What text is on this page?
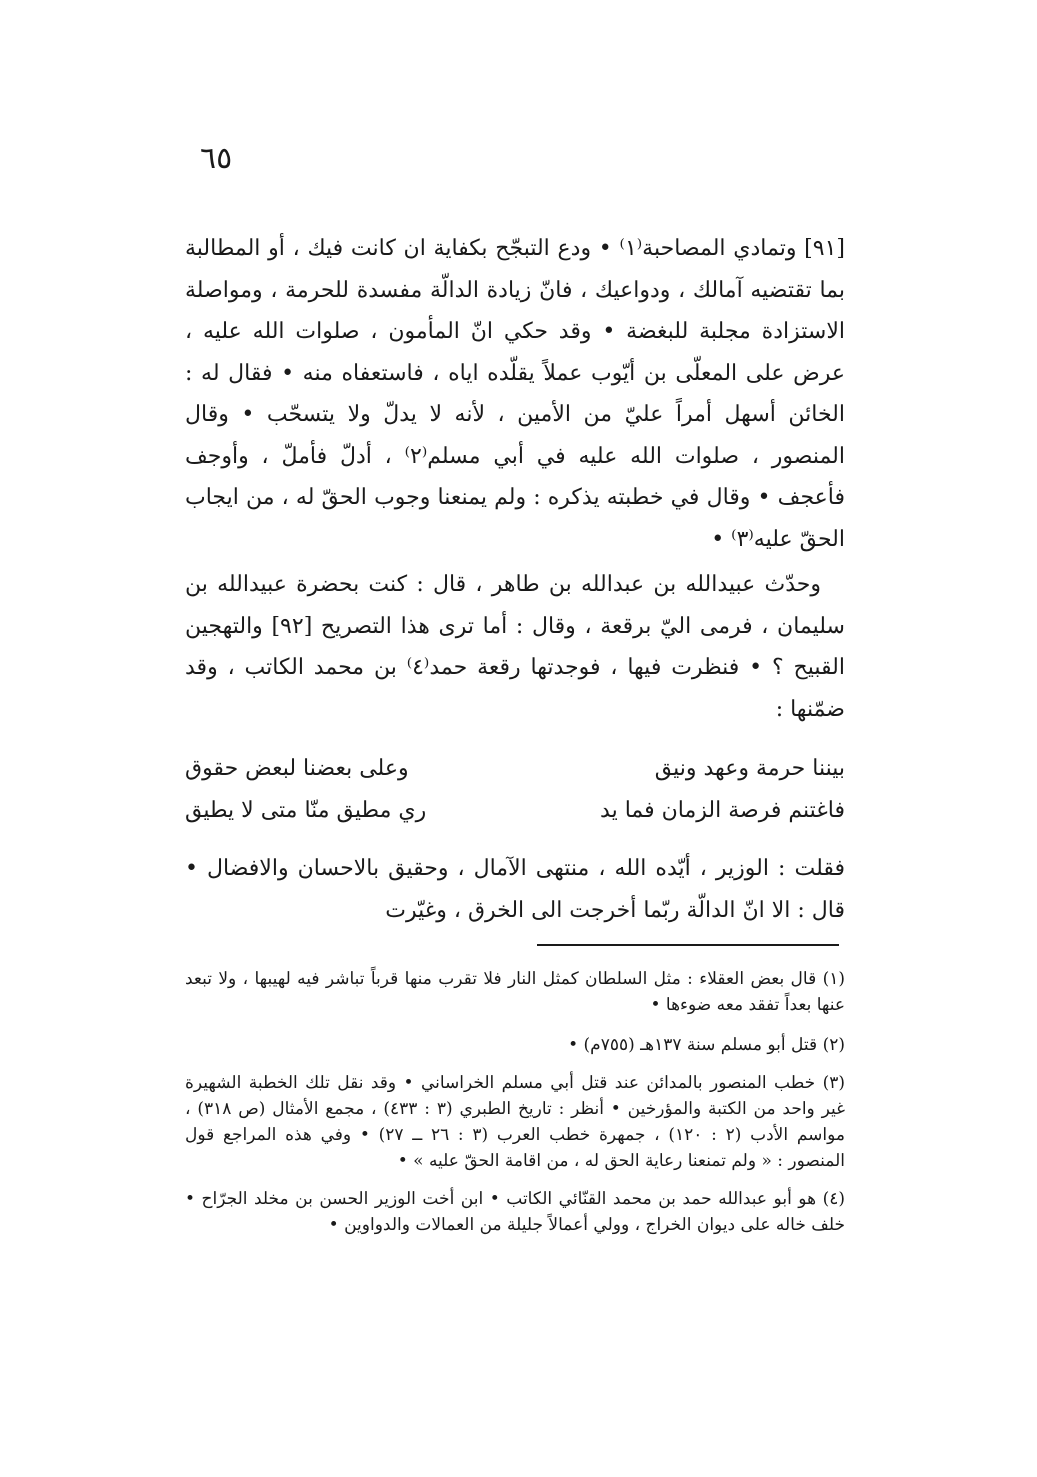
٦٥

[٩١] وتمادي المصاحبة⁽١⁾ • ودع التبجّح بكفاية ان كانت فيك ، أو المطالبة بما تقتضيه آمالك ، ودواعيك ، فانّ زيادة الدالّة مفسدة للحرمة ، ومواصلة الاستزادة مجلبة للبغضة • وقد حكي انّ المأمون ، صلوات الله عليه ، عرض على المعلّى بن أيّوب عملاً يقلّده اياه ، فاستعفاه منه • فقال له : الخائن أسهل أمراً عليّ من الأمين ، لأنه لا يدلّ ولا يتسحّب • وقال المنصور ، صلوات الله عليه في أبي مسلم⁽٢⁾ ، أدلّ فأملّ ، وأوجف فأعجف • وقال في خطبته يذكره : ولم يمنعنا وجوب الحقّ له ، من ايجاب الحقّ عليه⁽٣⁾ •

وحدّث عبيدالله بن عبدالله بن طاهر ، قال : كنت بحضرة عبيدالله بن سليمان ، فرمى اليّ برقعة ، وقال : أما ترى هذا التصريح [٩٢] والتهجين القبيح ؟ • فنظرت فيها ، فوجدتها رقعة حمد⁽٤⁾ بن محمد الكاتب ، وقد ضمّنها :

بيننا حرمة وعهد ونيق
وعلى بعضنا لبعض حقوق
فاغتنم فرصة الزمان فما يد
ري مطيق منّا متى لا يطيق

فقلت : الوزير ، أيّده الله ، منتهى الآمال ، وحقيق بالاحسان والافضال • قال : الا انّ الدالّة ربّما أخرجت الى الخرق ، وغيّرت

(١) قال بعض العقلاء : مثل السلطان كمثل النار فلا تقرب منها قرباً تباشر فيه لهيبها ، ولا تبعد عنها بعداً تفقد معه ضوءها •

(٢) قتل أبو مسلم سنة ١٣٧هـ (٧٥٥م) •

(٣) خطب المنصور بالمدائن عند قتل أبي مسلم الخراساني • وقد نقل تلك الخطبة الشهيرة غير واحد من الكتبة والمؤرخين • أنظر : تاريخ الطبري (٣ : ٤٣٣) ، مجمع الأمثال (ص ٣١٨) ، مواسم الأدب (٢ : ١٢٠) ، جمهرة خطب العرب (٣ : ٢٦ ــ ٢٧) • وفي هذه المراجع قول المنصور : « ولم تمنعنا رعاية الحق له ، من اقامة الحقّ عليه » •

(٤) هو أبو عبدالله حمد بن محمد القنّائي الكاتب • ابن أخت الوزير الحسن بن مخلد الجرّاح • خلف خاله على ديوان الخراج ، وولي أعمالاً جليلة من العمالات والدواوين •
